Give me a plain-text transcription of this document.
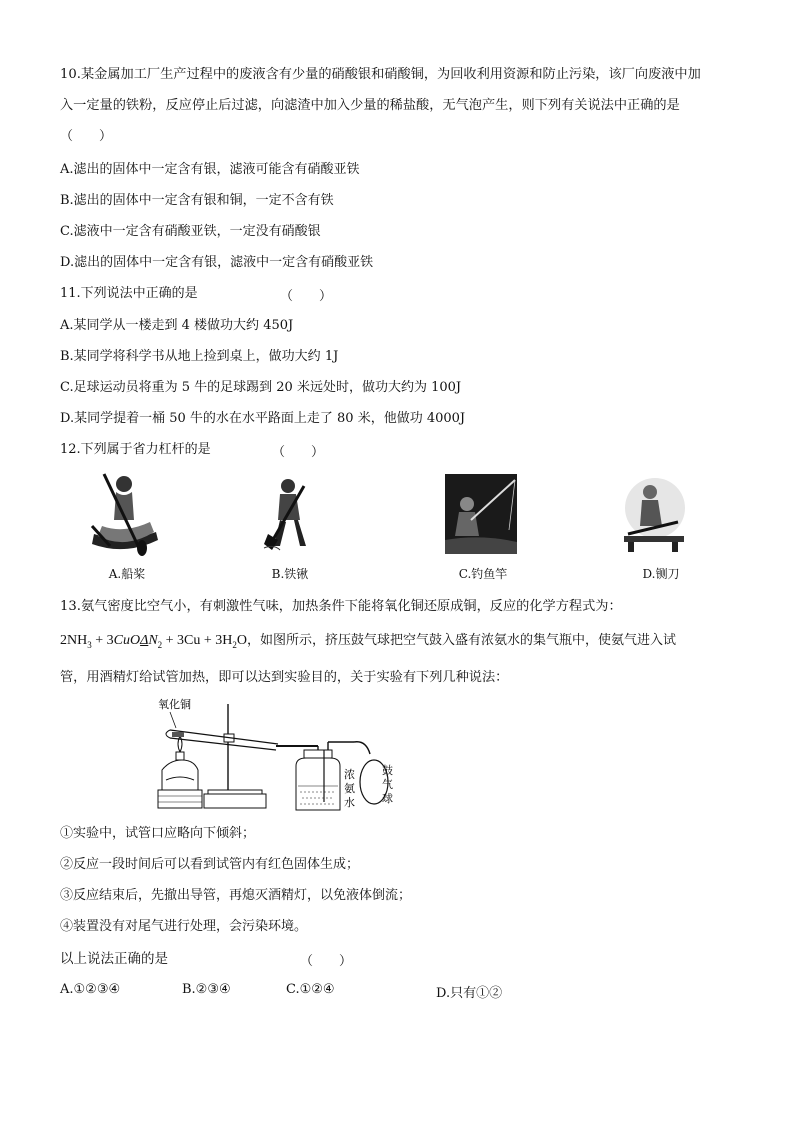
10.某金属加工厂生产过程中的废液含有少量的硝酸银和硝酸铜，为回收利用资源和防止污染，该厂向废液中加
入一定量的铁粉，反应停止后过滤，向滤渣中加入少量的稀盐酸，无气泡产生，则下列有关说法中正确的是
（　　）
A.滤出的固体中一定含有银，滤液可能含有硝酸亚铁
B.滤出的固体中一定含有银和铜，一定不含有铁
C.滤液中一定含有硝酸亚铁，一定没有硝酸银
D.滤出的固体中一定含有银，滤液中一定含有硝酸亚铁
11.下列说法中正确的是	（　　）
A.某同学从一楼走到 4 楼做功大约 450J
B.某同学将科学书从地上捡到桌上，做功大约 1J
C.足球运动员将重为 5 牛的足球踢到 20 米远处时，做功大约为 100J
D.某同学提着一桶 50 牛的水在水平路面上走了 80 米，他做功 4000J
12.下列属于省力杠杆的是	（　　）
A.船桨	B.铁锹	C.钓鱼竿	D.铡刀
13.氨气密度比空气小，有刺激性气味，加热条件下能将氧化铜还原成铜，反应的化学方程式为：
$2NH_3 + 3CuO\Delta N_2 + 3Cu + 3H_2O$，如图所示，挤压鼓气球把空气鼓入盛有浓氨水的集气瓶中，使氨气进入试
管，用酒精灯给试管加热，即可以达到实验目的，关于实验有下列几种说法：
氧化铜
浓
氨
水
鼓
气
球
①实验中，试管口应略向下倾斜；
②反应一段时间后可以看到试管内有红色固体生成；
③反应结束后，先撤出导管，再熄灭酒精灯，以免液体倒流；
④装置没有对尾气进行处理，会污染环境。
以上说法正确的是	（　　）
A.①②③④	B.②③④	C.①②④	D.只有①②
